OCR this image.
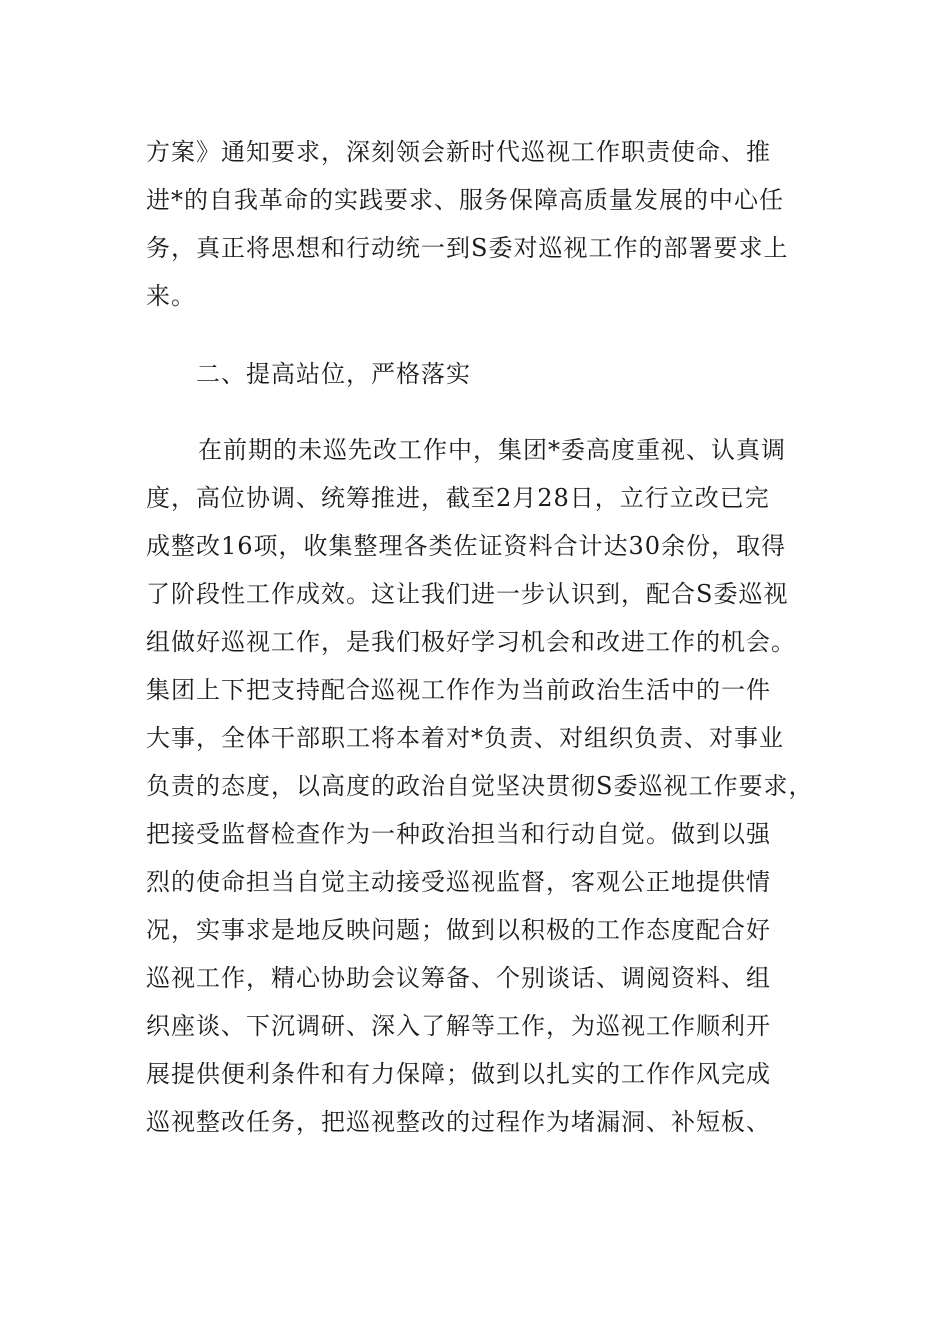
方案》通知要求，深刻领会新时代巡视工作职责使命、推
进*的自我革命的实践要求、服务保障高质量发展的中心任
务，真正将思想和行动统一到S委对巡视工作的部署要求上
来。
二、提高站位，严格落实
在前期的未巡先改工作中，集团*委高度重视、认真调
度，高位协调、统筹推进，截至2月28日，立行立改已完
成整改16项，收集整理各类佐证资料合计达30余份，取得
了阶段性工作成效。这让我们进一步认识到，配合S委巡视
组做好巡视工作，是我们极好学习机会和改进工作的机会。
集团上下把支持配合巡视工作作为当前政治生活中的一件
大事，全体干部职工将本着对*负责、对组织负责、对事业
负责的态度，以高度的政治自觉坚决贯彻S委巡视工作要求，
把接受监督检查作为一种政治担当和行动自觉。做到以强
烈的使命担当自觉主动接受巡视监督，客观公正地提供情
况，实事求是地反映问题；做到以积极的工作态度配合好
巡视工作，精心协助会议筹备、个别谈话、调阅资料、组
织座谈、下沉调研、深入了解等工作，为巡视工作顺利开
展提供便利条件和有力保障；做到以扎实的工作作风完成
巡视整改任务，把巡视整改的过程作为堵漏洞、补短板、
